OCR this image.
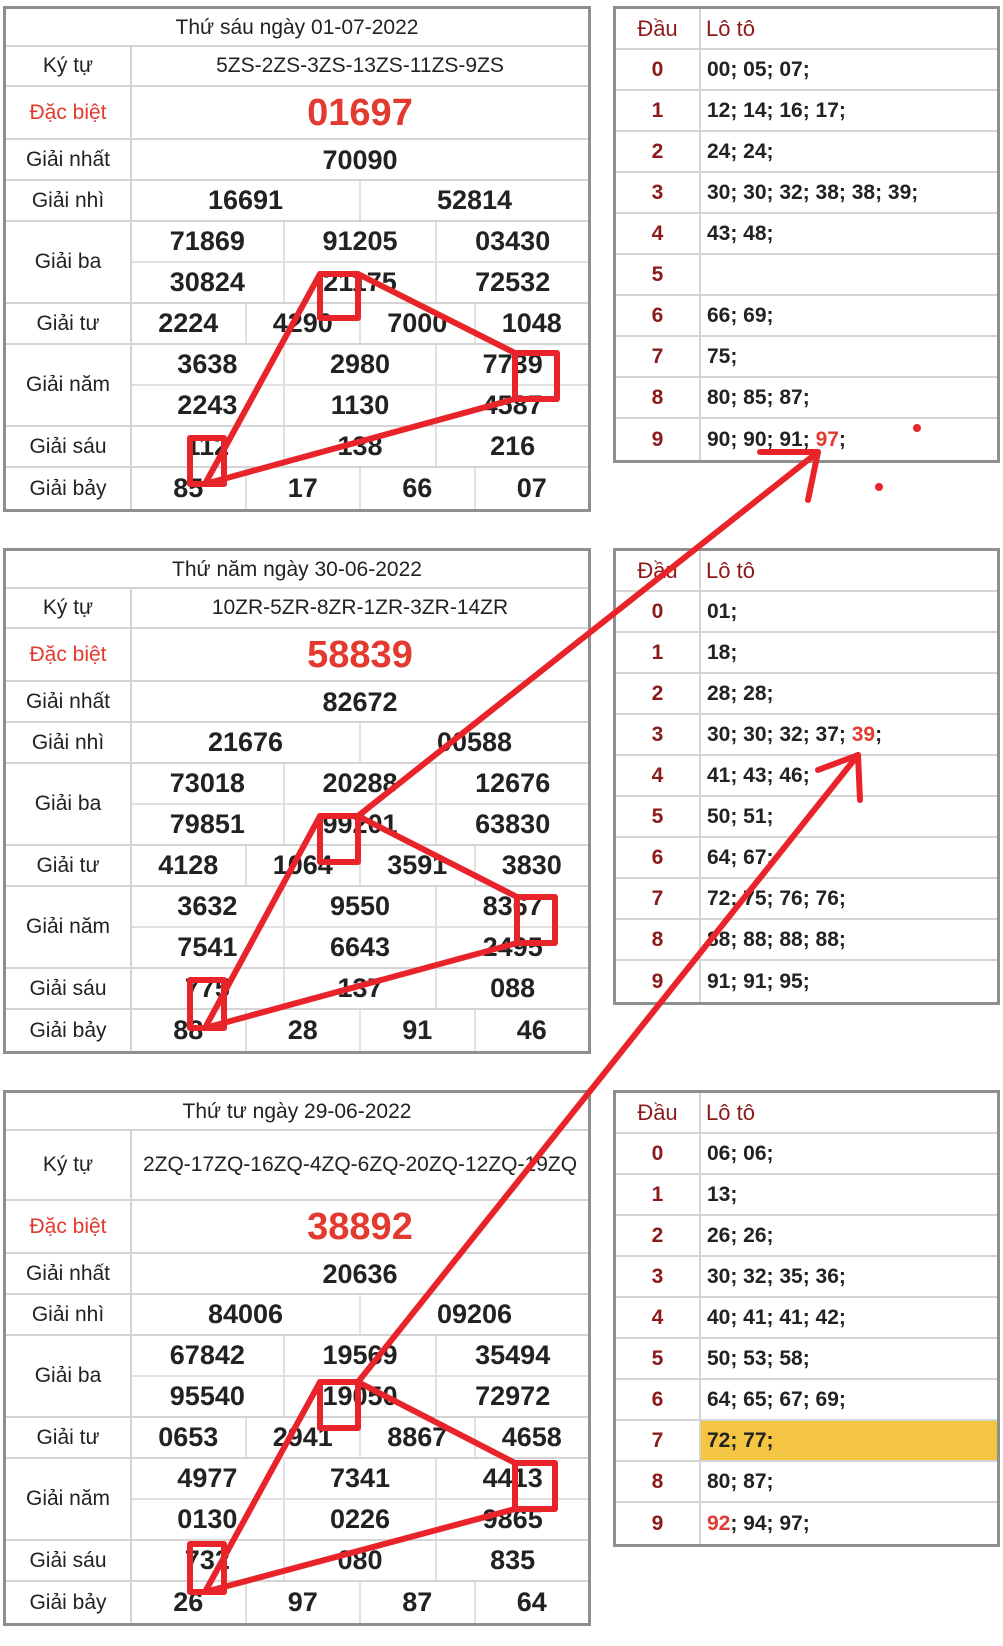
Thứ sáu ngày 01-07-2022
Ký tự	5ZS-2ZS-3ZS-13ZS-11ZS-9ZS
Đặc biệt	01697
Giải nhất	70090
Giải nhì	16691	52814
Giải ba
71869	91205	03430
30824	21175	72532
Giải tư	2224	4290	7000	1048
Giải năm
3638	2980	7739
2243	1130	4587
Giải sáu	112	138	216
Giải bảy	85	17	66	07
Thứ năm ngày 30-06-2022
Ký tự	10ZR-5ZR-8ZR-1ZR-3ZR-14ZR
Đặc biệt	58839
Giải nhất	82672
Giải nhì	21676	00588
Giải ba
73018	20288	12676
79851	99201	63830
Giải tư	4128	1064	3591	3830
Giải năm
3632	9550	8367
7541	6643	2495
Giải sáu	775	137	088
Giải bảy	88	28	91	46
Thứ tư ngày 29-06-2022
Ký tự	2ZQ-17ZQ-16ZQ-4ZQ-6ZQ-20ZQ-12ZQ-19ZQ
Đặc biệt	38892
Giải nhất	20636
Giải nhì	84006	09206
Giải ba
67842	19569	35494
95540	19050	72972
Giải tư	0653	2941	8867	4658
Giải năm
4977	7341	4413
0130	0226	9865
Giải sáu	732	080	835
Giải bảy	26	97	87	64
Đầu	Lô tô
0	00; 05; 07;
1	12; 14; 16; 17;
2	24; 24;
3	30; 30; 32; 38; 38; 39;
4	43; 48;
5
6	66; 69;
7	75;
8	80; 85; 87;
9	90; 90; 91; 97 ;
Đầu	Lô tô
0	01;
1	18;
2	28; 28;
3	30; 30; 32; 37; 39 ;
4	41; 43; 46;
5	50; 51;
6	64; 67;
7	72; 75; 76; 76;
8	88; 88; 88; 88;
9	91; 91; 95;
Đầu	Lô tô
0	06; 06;
1	13;
2	26; 26;
3	30; 32; 35; 36;
4	40; 41; 41; 42;
5	50; 53; 58;
6	64; 65; 67; 69;
7	72; 77;
8	80; 87;
9	92 ; 94; 97;
